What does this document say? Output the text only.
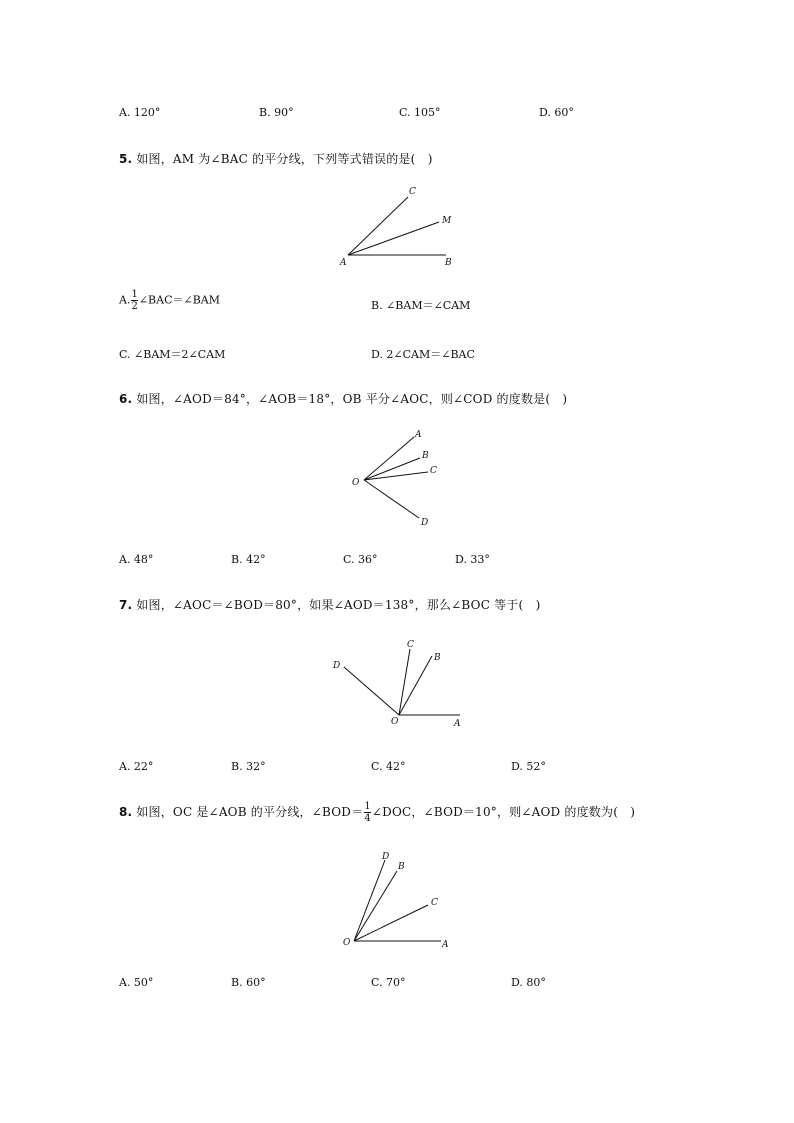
A. 120°	B. 90°	C. 105°	D. 60°
5. 如图，AM 为∠BAC 的平分线，下列等式错误的是(　)
C
M
A	B
A. $\frac{1}{2}$ ∠BAC＝∠BAM	B. ∠BAM＝∠CAM
C. ∠BAM＝2∠CAM	D. 2∠CAM＝∠BAC
6. 如图，∠AOD＝84°，∠AOB＝18°，OB 平分∠AOC，则∠COD 的度数是(　)
A
B
C
O
D
A. 48°	B. 42°	C. 36°	D. 33°
7. 如图，∠AOC＝∠BOD＝80°，如果∠AOD＝138°，那么∠BOC 等于(　)
C
B
D
O	A
A. 22°	B. 32°	C. 42°	D. 52°
8. 如图，OC 是∠AOB 的平分线，∠BOD＝ $\frac{1}{4}$ ∠DOC，∠BOD＝10°，则∠AOD 的度数为(　)
D
B
C
O	A
A. 50°	B. 60°	C. 70°	D. 80°
